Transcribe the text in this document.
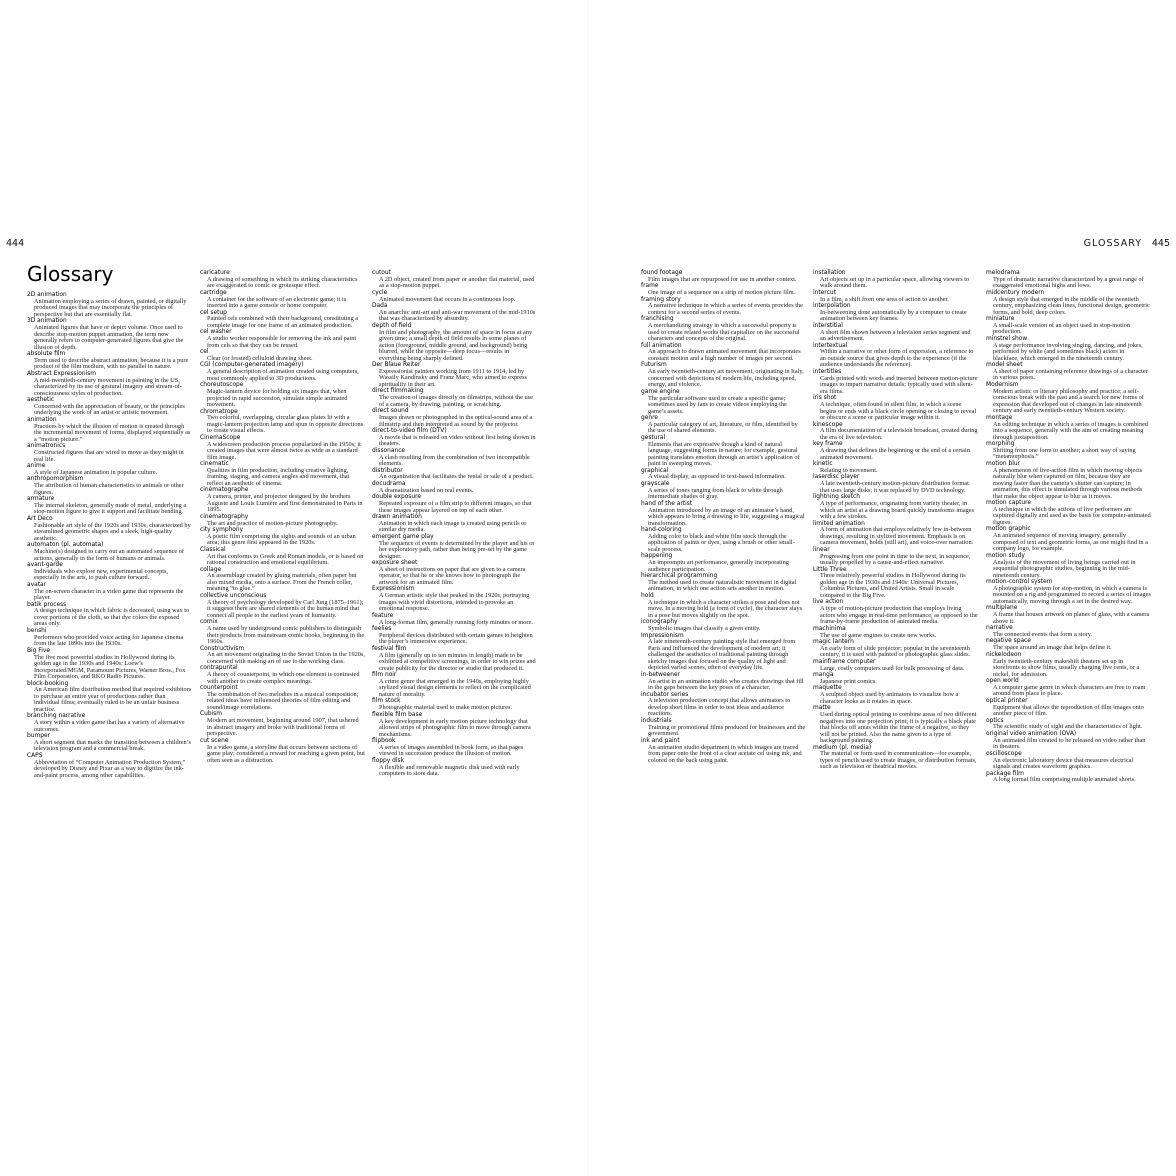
444	GLOSSARY 445
Glossary
2D animation
Animation employing a series of drawn, painted, or digitally produced images that may incorporate the principles of perspective but that are essentially flat.
3D animation
Animated figures that have or depict volume. Once used to describe stop-motion puppet animation, the term now generally refers to computer-generated figures that give the illusion of depth.
absolute film
Term used to describe abstract animation, because it is a pure product of the film medium, with no parallel in nature.
Abstract Expressionism
A mid-twentieth-century movement in painting in the US, characterized by its use of gestural imagery and stream-of-consciousness styles of production.
aesthetic
Concerned with the appreciation of beauty, or the principles underlying the work of an artist or artistic movement.
animation
Practices by which the illusion of motion is created through the incremental movement of forms, displayed sequentially as a “motion picture.”
animatronics
Constructed figures that are wired to move as they might in real life.
anime
A style of Japanese animation in popular culture.
anthropomorphism
The attribution of human characteristics to animals or other figures.
armature
The internal skeleton, generally made of metal, underlying a stop-motion figure to give it support and facilitate bending.
Art Deco
Fashionable art style of the 1920s and 1930s, characterized by streamlined geometric shapes and a sleek, high-quality aesthetic.
automaton (pl. automata)
Machine(s) designed to carry out an automated sequence of actions, generally in the form of humans or animals.
avant-garde
Individuals who explore new, experimental concepts, especially in the arts, to push culture forward.
avatar
The on-screen character in a video game that represents the player.
batik process
A design technique in which fabric is decorated, using wax to cover portions of the cloth, so that dye colors the exposed areas only.
benshi
Performers who provided voice acting for Japanese cinema from the late 1890s into the 1930s.
Big Five
The five most powerful studios in Hollywood during its golden age in the 1930s and 1940s: Loew’s Incorporated/MGM, Paramount Pictures, Warner Bros., Fox Film Corporation, and RKO Radio Pictures.
block-booking
An American film distribution method that required exhibitors to purchase an entire year of productions rather than individual films; eventually ruled to be an unfair business practice.
branching narrative
A story within a video game that has a variety of alternative outcomes.
bumper
A short segment that marks the transition between a children’s television program and a commercial break.
CAPS
Abbreviation of “Computer Animation Production System,” developed by Disney and Pixar as a way to digitize the ink-and-paint process, among other capabilities.
caricature
A drawing of something in which its striking characteristics are exaggerated to comic or grotesque effect.
cartridge
A container for the software of an electronic game; it is inserted into a game console or home computer.
cel setup
Painted cels combined with their background, constituting a complete image for one frame of an animated production.
cel washer
A studio worker responsible for removing the ink and paint from cels so that they can be reused.
cel
Clear (or frosted) celluloid drawing sheet.
CGI (computer-generated imagery)
A general description of animation created using computers, most commonly applied to 3D productions.
choreutoscope
Magic-lantern device for holding six images that, when projected in rapid succession, simulate simple animated movement.
chromatrope
Two colorful, overlapping, circular glass plates lit with a magic-lantern projection lamp and spun in opposite directions to create visual effects.
CinemaScope
A widescreen production process popularized in the 1950s; it created images that were almost twice as wide as a standard film image.
cinematic
Qualities in film production, including creative lighting, framing, staging, and camera angles and movement, that reflect an aesthetic of cinema.
cinématographe
A camera, printer, and projector designed by the brothers Auguste and Louis Lumière and first demonstrated in Paris in 1895.
cinematography
The art and practice of motion-picture photography.
city symphony
A poetic film comprising the sights and sounds of an urban area; this genre first appeared in the 1920s.
Classical
Art that conforms to Greek and Roman models, or is based on rational construction and emotional equilibrium.
collage
An assemblage created by gluing materials, often paper but also mixed media, onto a surface. From the French coller, meaning “to glue.”
collective unconscious
A theory of psychology developed by Carl Jung (1875–1961); it suggests there are shared elements of the human mind that connect all people to the earliest years of humanity.
comix
A name used by underground comic publishers to distinguish their products from mainstream comic books, beginning in the 1960s.
Constructivism
An art movement originating in the Soviet Union in the 1920s, concerned with making art of use to the working class.
contrapuntal
A theory of counterpoint, in which one element is contrasted with another to create complex meanings.
counterpoint
The combination of two melodies in a musical composition; related ideas have influenced theories of film editing and sound/image correlations.
Cubism
Modern art movement, beginning around 1907, that ushered in abstract imagery and broke with traditional forms of perspective.
cut scene
In a video game, a storyline that occurs between sections of game play; considered a reward for reaching a given point, but often seen as a distraction.
cutout
A 2D object, created from paper or another flat material, used as a stop-motion puppet.
cycle
Animated movement that occurs in a continuous loop.
Dada
An anarchic anti-art and anti-war movement of the mid-1910s that was characterized by absurdity.
depth of field
In film and photography, the amount of space in focus at any given time; a small depth of field results in some planes of action (foreground, middle ground, and background) being blurred, while the opposite—deep focus—results in everything being sharply defined.
Der Blaue Reiter
Expressionist painters working from 1911 to 1914, led by Wassily Kandinsky and Franz Marc, who aimed to express spirituality in their art.
direct filmmaking
The creation of images directly on filmstrips, without the use of a camera, by drawing, painting, or scratching.
direct sound
Images drawn or photographed in the optical-sound area of a filmstrip and then interpreted as sound by the projector.
direct-to-video film (DTV)
A movie that is released on video without first being shown in theaters.
dissonance
A clash resulting from the combination of two incompatible elements.
distributor
An organization that facilitates the rental or sale of a product.
docudrama
A dramatization based on real events.
double exposure
Repeated exposure of a film strip to different images, so that these images appear layered on top of each other.
drawn animation
Animation in which each image is created using pencils or similar dry media.
emergent game play
The sequence of events is determined by the player and his or her exploratory path, rather than being pre-set by the game designer.
exposure sheet
A sheet of instructions on paper that are given to a camera operator, so that he or she knows how to photograph the artwork for an animated film.
Expressionism
A German artistic style that peaked in the 1920s, portraying images with vivid distortions, intended to provoke an emotional response.
feature
A long-format film, generally running forty minutes or more.
feelies
Peripheral devices distributed with certain games to heighten the player’s immersive experience.
festival film
A film (generally up to ten minutes in length) made to be exhibited at competitive screenings, in order to win prizes and create publicity for the director or studio that produced it.
film noir
A crime genre that emerged in the 1940s, employing highly stylized visual design elements to reflect on the complicated nature of morality.
film stock
Photographic material used to make motion pictures.
flexible film base
A key development in early motion picture technology that allowed strips of photographic film to move through camera mechanisms.
flipbook
A series of images assembled in book form, so that pages viewed in succession produce the illusion of motion.
floppy disk
A flexible and removable magnetic disk used with early computers to store data.
found footage
Film images that are repurposed for use in another context.
frame
One image of a sequence on a strip of motion picture film.
framing story
A narrative technique in which a series of events provides the context for a second series of events.
franchising
A merchandizing strategy in which a successful property is used to create related works that capitalize on the successful characters and concepts of the original.
full animation
An approach to drawn animated movement that incorporates constant motion and a high number of images per second.
Futurism
An early twentieth-century art movement, originating in Italy, concerned with depictions of modern life, including speed, energy, and violence.
game engine
The particular software used to create a specific game; sometimes used by fans to create videos employing the game’s assets.
genre
A particular category of art, literature, or film, identified by the use of shared elements.
gestural
Elements that are expressive though a kind of natural language, suggesting forms in nature; for example, gestural painting translates emotion through an artist’s application of paint in sweeping moves.
graphical
A visual display, as opposed to text-based information.
grayscale
A series of tones ranging from black to white through intermediate shades of gray.
hand of the artist
Animation introduced by an image of an animator’s hand, which appears to bring a drawing to life, suggesting a magical transformation.
hand-coloring
Adding color to black and white film stock through the application of paints or dyes, using a brush or other small-scale process.
happening
An impromptu art performance, generally incorporating audience participation.
hierarchical programming
The method used to create naturalistic movement in digital animation, in which one action sets another in motion.
hold
A technique in which a character strikes a pose and does not move. In a moving hold (a form of cycle), the character stays in a pose but moves slightly on the spot.
iconography
Symbolic images that classify a given entity.
Impressionism
A late nineteenth-century painting style that emerged from Paris and influenced the development of modern art; it challenged the aesthetics of traditional painting through sketchy images that focused on the quality of light and depicted varied scenes, often of everyday life.
in-betweener
An artist in an animation studio who creates drawings that fill in the gaps between the key poses of a character.
incubator series
A television production concept that allows animators to develop short films in order to test ideas and audience reactions.
industrials
Training or promotional films produced for businesses and the government.
ink and paint
An animation studio department in which images are traced from paper onto the front of a clear acetate cel using ink, and colored on the back using paint.
installation
Art objects set up in a particular space, allowing viewers to walk around them.
intercut
In a film, a shift from one area of action to another.
interpolation
In-betweening done automatically by a computer to create animation between key frames.
interstitial
A short film shown between a television series segment and an advertisement.
intertextual
Within a narrative or other form of expression, a reference to an outside source that gives depth to the experience (if the audience understands the reference).
intertitles
Cards printed with words and inserted between motion-picture images to impart narrative details; typically used with silent-era films.
iris shot
A technique, often found in silent film, in which a scene begins or ends with a black circle opening or closing to reveal or obscure a scene or particular image within it.
kinescope
A film documentation of a television broadcast, created during the era of live television.
key frame
A drawing that defines the beginning or the end of a certain animated movement.
kinetic
Relating to movement.
laserdisc player
A late twentieth-century motion-picture distribution format that uses large disks; it was replaced by DVD technology.
lightning sketch
A type of performance, originating from variety theater, in which an artist at a drawing board quickly transforms images with a few strokes.
limited animation
A form of animation that employs relatively few in-between drawings, resulting in stylized movement. Emphasis is on camera movement, holds (still art), and voice-over narration.
linear
Progressing from one point in time to the next, in sequence, usually propelled by a cause-and-effect narrative.
Little Three
Three relatively powerful studios in Hollywood during its golden age in the 1930s and 1940s: Universal Pictures, Columbia Pictures, and United Artists. Small in scale compared to the Big Five.
live action
A type of motion-picture production that employs living actors who engage in real-time performance, as opposed to the frame-by-frame production of animated media.
machinima
The use of game engines to create new works.
magic lantern
An early form of slide projector; popular in the seventeenth century, it is used with painted or photographic glass slides.
mainframe computer
Large, costly computers used for bulk processing of data.
manga
Japanese print comics.
maquette
A sculpted object used by animators to visualize how a character looks as it rotates in space.
matte
Used during optical printing to combine areas of two different negatives into one projection print; it is typically a black plate that blocks off areas within the frame of a negative, so they will not be printed. Also the name given to a type of background painting.
medium (pl. media)
The material or form used in communication—for example, types of pencils used to create images, or distribution formats, such as television or theatrical movies.
melodrama
Type of dramatic narrative characterized by a great range of exaggerated emotional highs and lows.
midcentury modern
A design style that emerged in the middle of the twentieth century, emphasizing clean lines, functional design, geometric forms, and bold, deep colors.
miniature
A small-scale version of an object used in stop-motion production.
minstrel show
A stage performance involving singing, dancing, and jokes, performed by white (and sometimes black) actors in blackface, which emerged in the nineteenth century.
model sheet
A sheet of paper containing reference drawings of a character in various poses.
Modernism
Modern artistic or literary philosophy and practice; a self-conscious break with the past and a search for new forms of expression that developed out of changes in late nineteenth century and early twentieth-century Western society.
montage
An editing technique in which a series of images is combined into a sequence, generally with the aim of creating meaning through juxtaposition.
morphing
Shifting from one form to another; a short way of saying “metamorphosis.”
motion blur
A phenomenon of live-action film in which moving objects naturally blur when captured on film, because they are moving faster than the camera’s shutter can capture; in animation, this effect is simulated through various methods that make the object appear to blur as it moves.
motion capture
A technique in which the actions of live performers are captured digitally and used as the basis for computer-animated figures.
motion graphic
An animated sequence of moving imagery, generally composed of text and geometric forms, as one might find in a company logo, for example.
motion study
Analysis of the movement of living beings carried out in sequential photographic studies, beginning in the mid-nineteenth century.
motion-control system
A photographic system for stop-motion, in which a camera is mounted on a rig and programmed to record a series of images automatically, moving through a set in the desired way.
multiplane
A frame that houses artwork on planes of glass, with a camera above it.
narrative
The connected events that form a story.
negative space
The space around an image that helps define it.
nickelodeon
Early twentieth-century makeshift theaters set up in storefronts to show films, usually charging five cents, or a nickel, for admission.
open world
A computer game genre in which characters are free to roam around from place to place.
optical printer
Equipment that allows the reproduction of film images onto another piece of film.
optics
The scientific study of sight and the characteristics of light.
original video animation (OVA)
An animated film created to be released on video rather than in theaters.
oscilloscope
An electronic laboratory device that measures electrical signals and creates waveform graphics.
package film
A long format film comprising multiple animated shorts.
